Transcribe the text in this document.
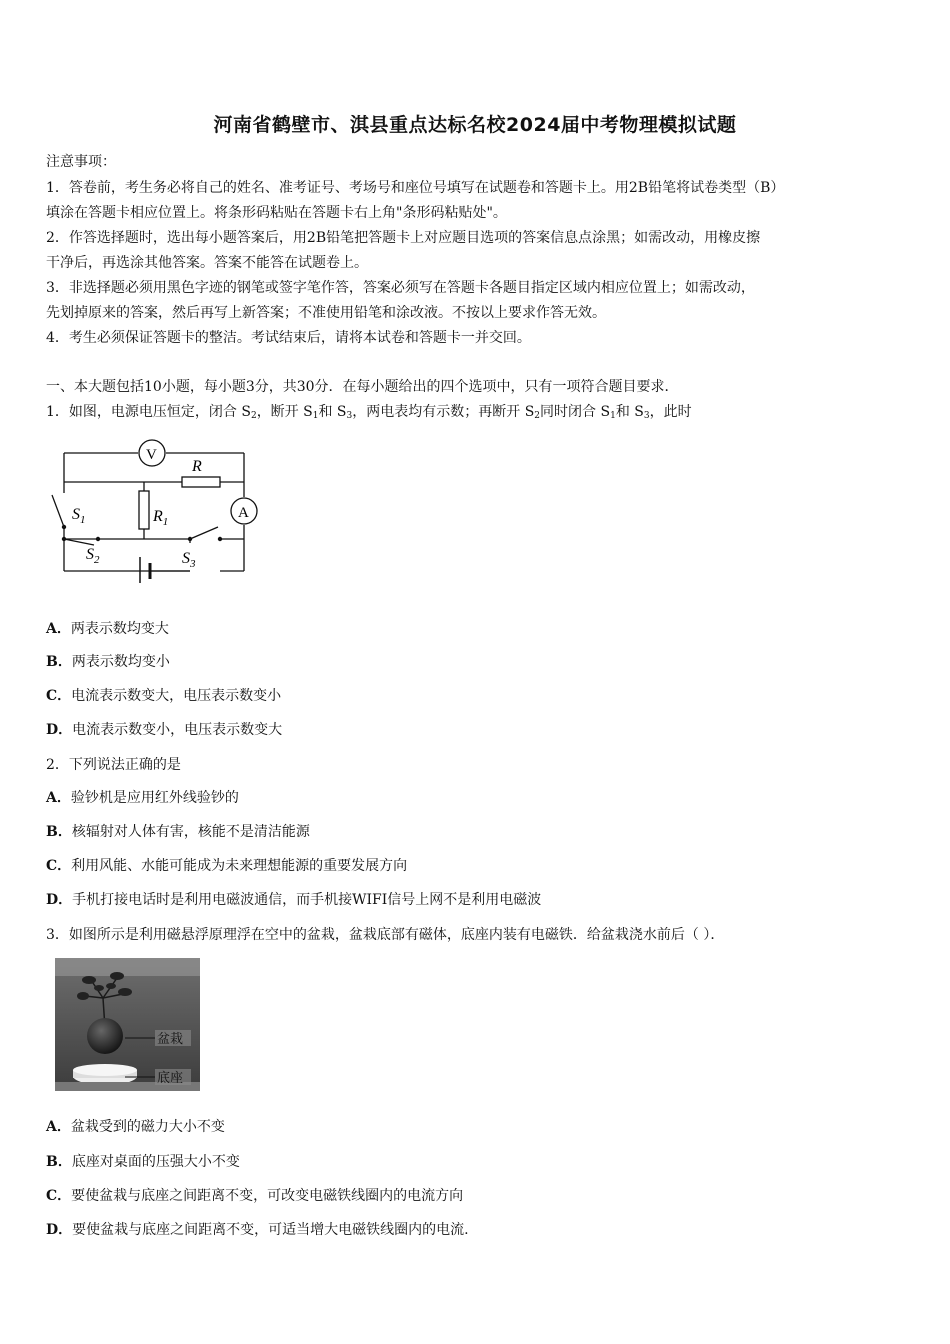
河南省鹤壁市、淇县重点达标名校2024届中考物理模拟试题
注意事项：
1．答卷前，考生务必将自己的姓名、准考证号、考场号和座位号填写在试题卷和答题卡上。用2B铅笔将试卷类型（B）
填涂在答题卡相应位置上。将条形码粘贴在答题卡右上角"条形码粘贴处"。
2．作答选择题时，选出每小题答案后，用2B铅笔把答题卡上对应题目选项的答案信息点涂黑；如需改动，用橡皮擦
干净后，再选涂其他答案。答案不能答在试题卷上。
3．非选择题必须用黑色字迹的钢笔或签字笔作答，答案必须写在答题卡各题目指定区域内相应位置上；如需改动，
先划掉原来的答案，然后再写上新答案；不准使用铅笔和涂改液。不按以上要求作答无效。
4．考生必须保证答题卡的整洁。考试结束后，请将本试卷和答题卡一并交回。
一、本大题包括10小题，每小题3分，共30分．在每小题给出的四个选项中，只有一项符合题目要求．
1．如图，电源电压恒定，闭合 $S_2$，断开 $S_1$和 $S_3$，两电表均有示数；再断开 $S_2$同时闭合 $S_1$和 $S_3$，此时
V
R
$R_1$
A
$S_1$
$S_3$
$S_2$
A．两表示数均变大
B．两表示数均变小
C．电流表示数变大，电压表示数变小
D．电流表示数变小，电压表示数变大
2．下列说法正确的是
A．验钞机是应用红外线验钞的
B．核辐射对人体有害，核能不是清洁能源
C．利用风能、水能可能成为未来理想能源的重要发展方向
D．手机打接电话时是利用电磁波通信，而手机接WIFI信号上网不是利用电磁波
3．如图所示是利用磁悬浮原理浮在空中的盆栽，盆栽底部有磁体，底座内装有电磁铁．给盆栽浇水前后（ ）．
盆栽
底座
A．盆栽受到的磁力大小不变
B．底座对桌面的压强大小不变
C．要使盆栽与底座之间距离不变，可改变电磁铁线圈内的电流方向
D．要使盆栽与底座之间距离不变，可适当增大电磁铁线圈内的电流.
